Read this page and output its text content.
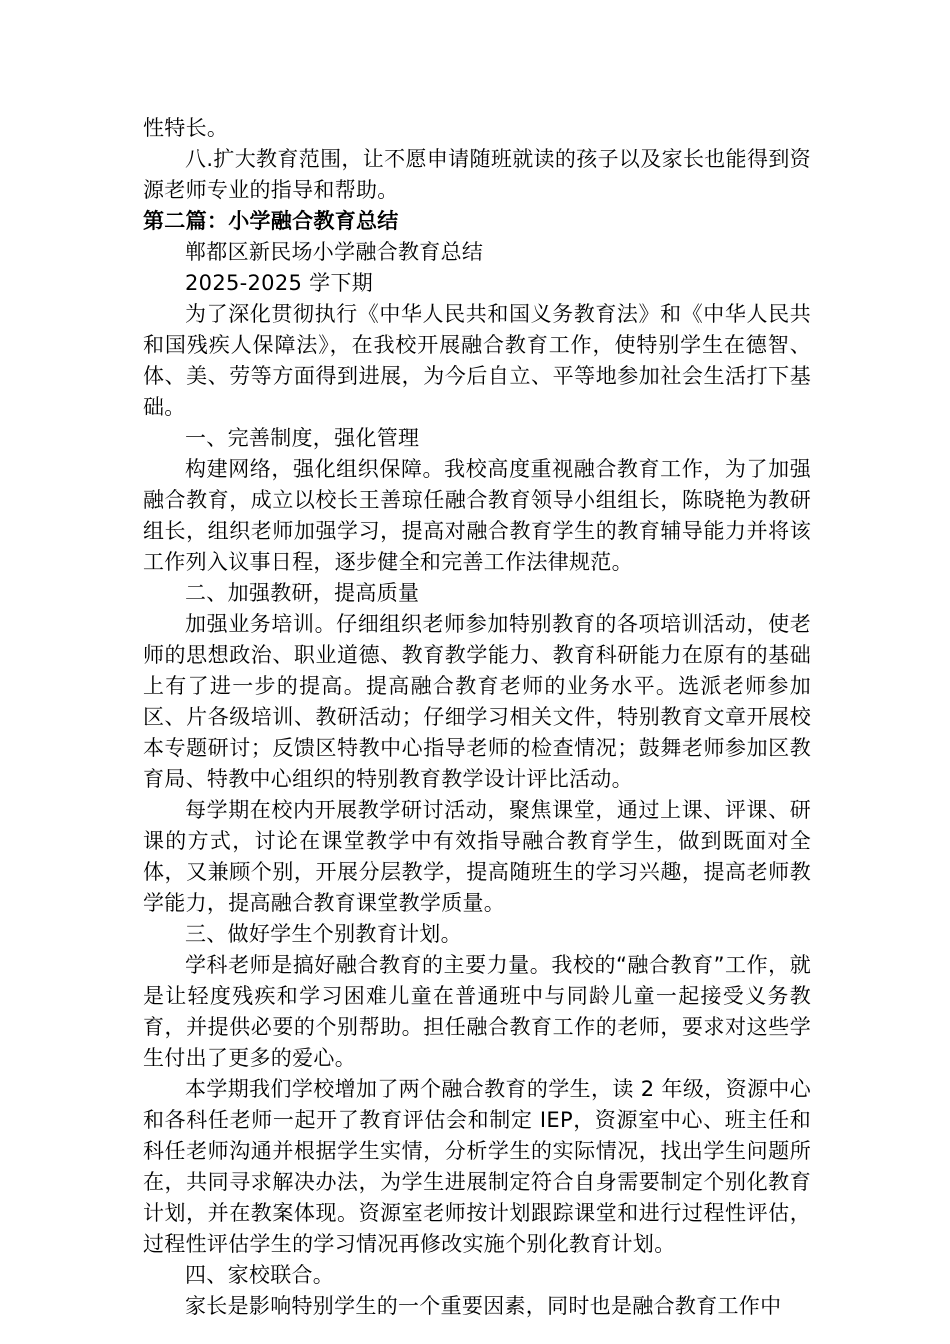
性特长。

八.扩大教育范围，让不愿申请随班就读的孩子以及家长也能得到资源老师专业的指导和帮助。

第二篇：小学融合教育总结

郸都区新民场小学融合教育总结

2025-2025 学下期

为了深化贯彻执行《中华人民共和国义务教育法》和《中华人民共和国残疾人保障法》，在我校开展融合教育工作，使特别学生在德智、体、美、劳等方面得到进展，为今后自立、平等地参加社会生活打下基础。

一、完善制度，强化管理

构建网络，强化组织保障。我校高度重视融合教育工作，为了加强融合教育，成立以校长王善琼任融合教育领导小组组长，陈晓艳为教研组长，组织老师加强学习，提高对融合教育学生的教育辅导能力并将该工作列入议事日程，逐步健全和完善工作法律规范。

二、加强教研，提高质量

加强业务培训。仔细组织老师参加特别教育的各项培训活动，使老师的思想政治、职业道德、教育教学能力、教育科研能力在原有的基础上有了进一步的提高。提高融合教育老师的业务水平。选派老师参加区、片各级培训、教研活动；仔细学习相关文件，特别教育文章开展校本专题研讨；反馈区特教中心指导老师的检查情况；鼓舞老师参加区教育局、特教中心组织的特别教育教学设计评比活动。

每学期在校内开展教学研讨活动，聚焦课堂，通过上课、评课、研课的方式，讨论在课堂教学中有效指导融合教育学生，做到既面对全体，又兼顾个别，开展分层教学，提高随班生的学习兴趣，提高老师教学能力，提高融合教育课堂教学质量。

三、做好学生个别教育计划。

学科老师是搞好融合教育的主要力量。我校的“融合教育”工作，就是让轻度残疾和学习困难儿童在普通班中与同龄儿童一起接受义务教育，并提供必要的个别帮助。担任融合教育工作的老师，要求对这些学生付出了更多的爱心。

本学期我们学校增加了两个融合教育的学生，读 2 年级，资源中心和各科任老师一起开了教育评估会和制定 IEP，资源室中心、班主任和科任老师沟通并根据学生实情，分析学生的实际情况，找出学生问题所在，共同寻求解决办法，为学生进展制定符合自身需要制定个别化教育计划，并在教案体现。资源室老师按计划跟踪课堂和进行过程性评估，过程性评估学生的学习情况再修改实施个别化教育计划。

四、家校联合。

家长是影响特别学生的一个重要因素，同时也是融合教育工作中
